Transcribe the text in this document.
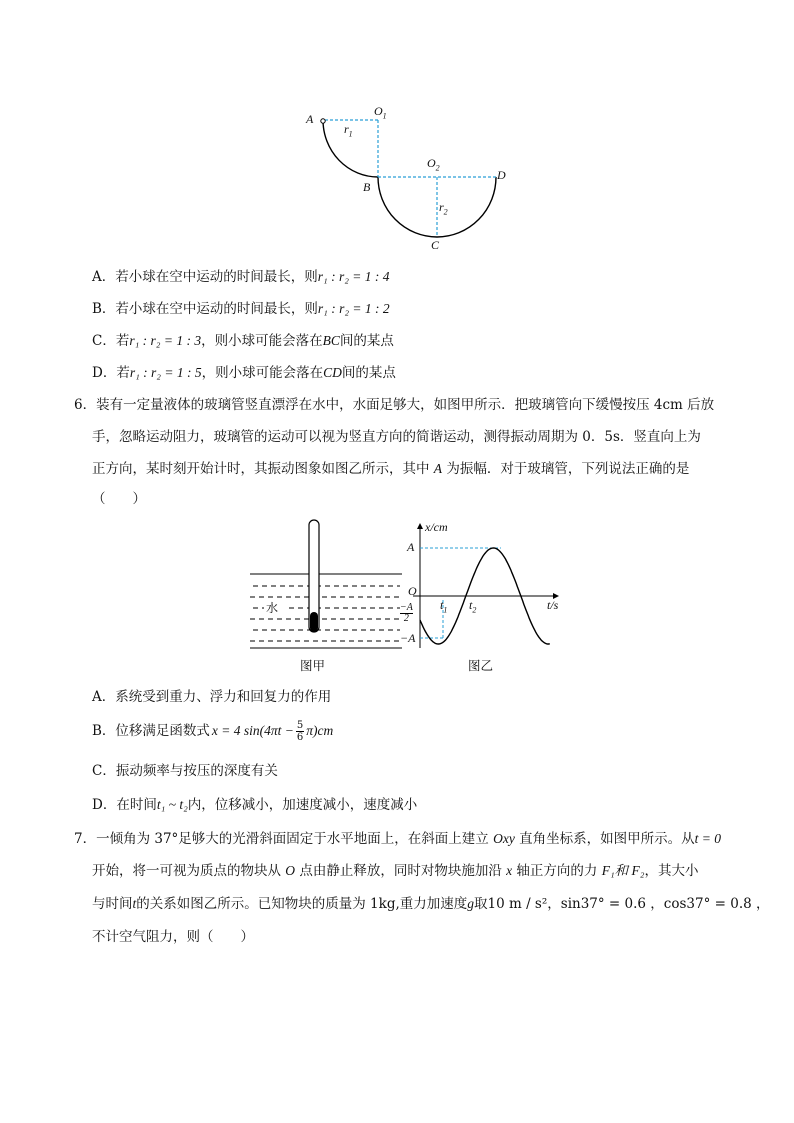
A
$O_1$
$r_1$
$O_2$
B
D
$r_2$
C
A．若小球在空中运动的时间最长，则r₁ : r₂ = 1 : 4
B．若小球在空中运动的时间最长，则r₁ : r₂ = 1 : 2
C．若r₁ : r₂ = 1 : 3，则小球可能会落在BC间的某点
D．若r₁ : r₂ = 1 : 5，则小球可能会落在CD间的某点
6．装有一定量液体的玻璃管竖直漂浮在水中，水面足够大，如图甲所示．把玻璃管向下缓慢按压 4cm 后放
手，忽略运动阻力，玻璃管的运动可以视为竖直方向的简谐运动，测得振动周期为 0．5s．竖直向上为
正方向，某时刻开始计时，其振动图象如图乙所示，其中 A 为振幅．对于玻璃管，下列说法正确的是
（　　）
水
图甲
x/cm
t/s
A
O
−A
2
−A
$t_1$ $t_2$
图乙
A．系统受到重力、浮力和回复力的作用
B．位移满足函数式 x = 4 $\sin(4\pi t - \frac{5}{6} \pi)cm$
C．振动频率与按压的深度有关
D．在时间t₁ ~ t₂内，位移减小，加速度减小，速度减小
7．一倾角为 37°足够大的光滑斜面固定于水平地面上，在斜面上建立 Oxy 直角坐标系，如图甲所示。从t = 0
开始，将一可视为质点的物块从 O 点由静止释放，同时对物块施加沿 x 轴正方向的力 F₁和 F₂，其大小
与时间t的关系如图乙所示。已知物块的质量为 1kg,重力加速度g取10 m / s²，sin37° = 0.6 ，cos37° = 0.8 ，
不计空气阻力，则（　　）
